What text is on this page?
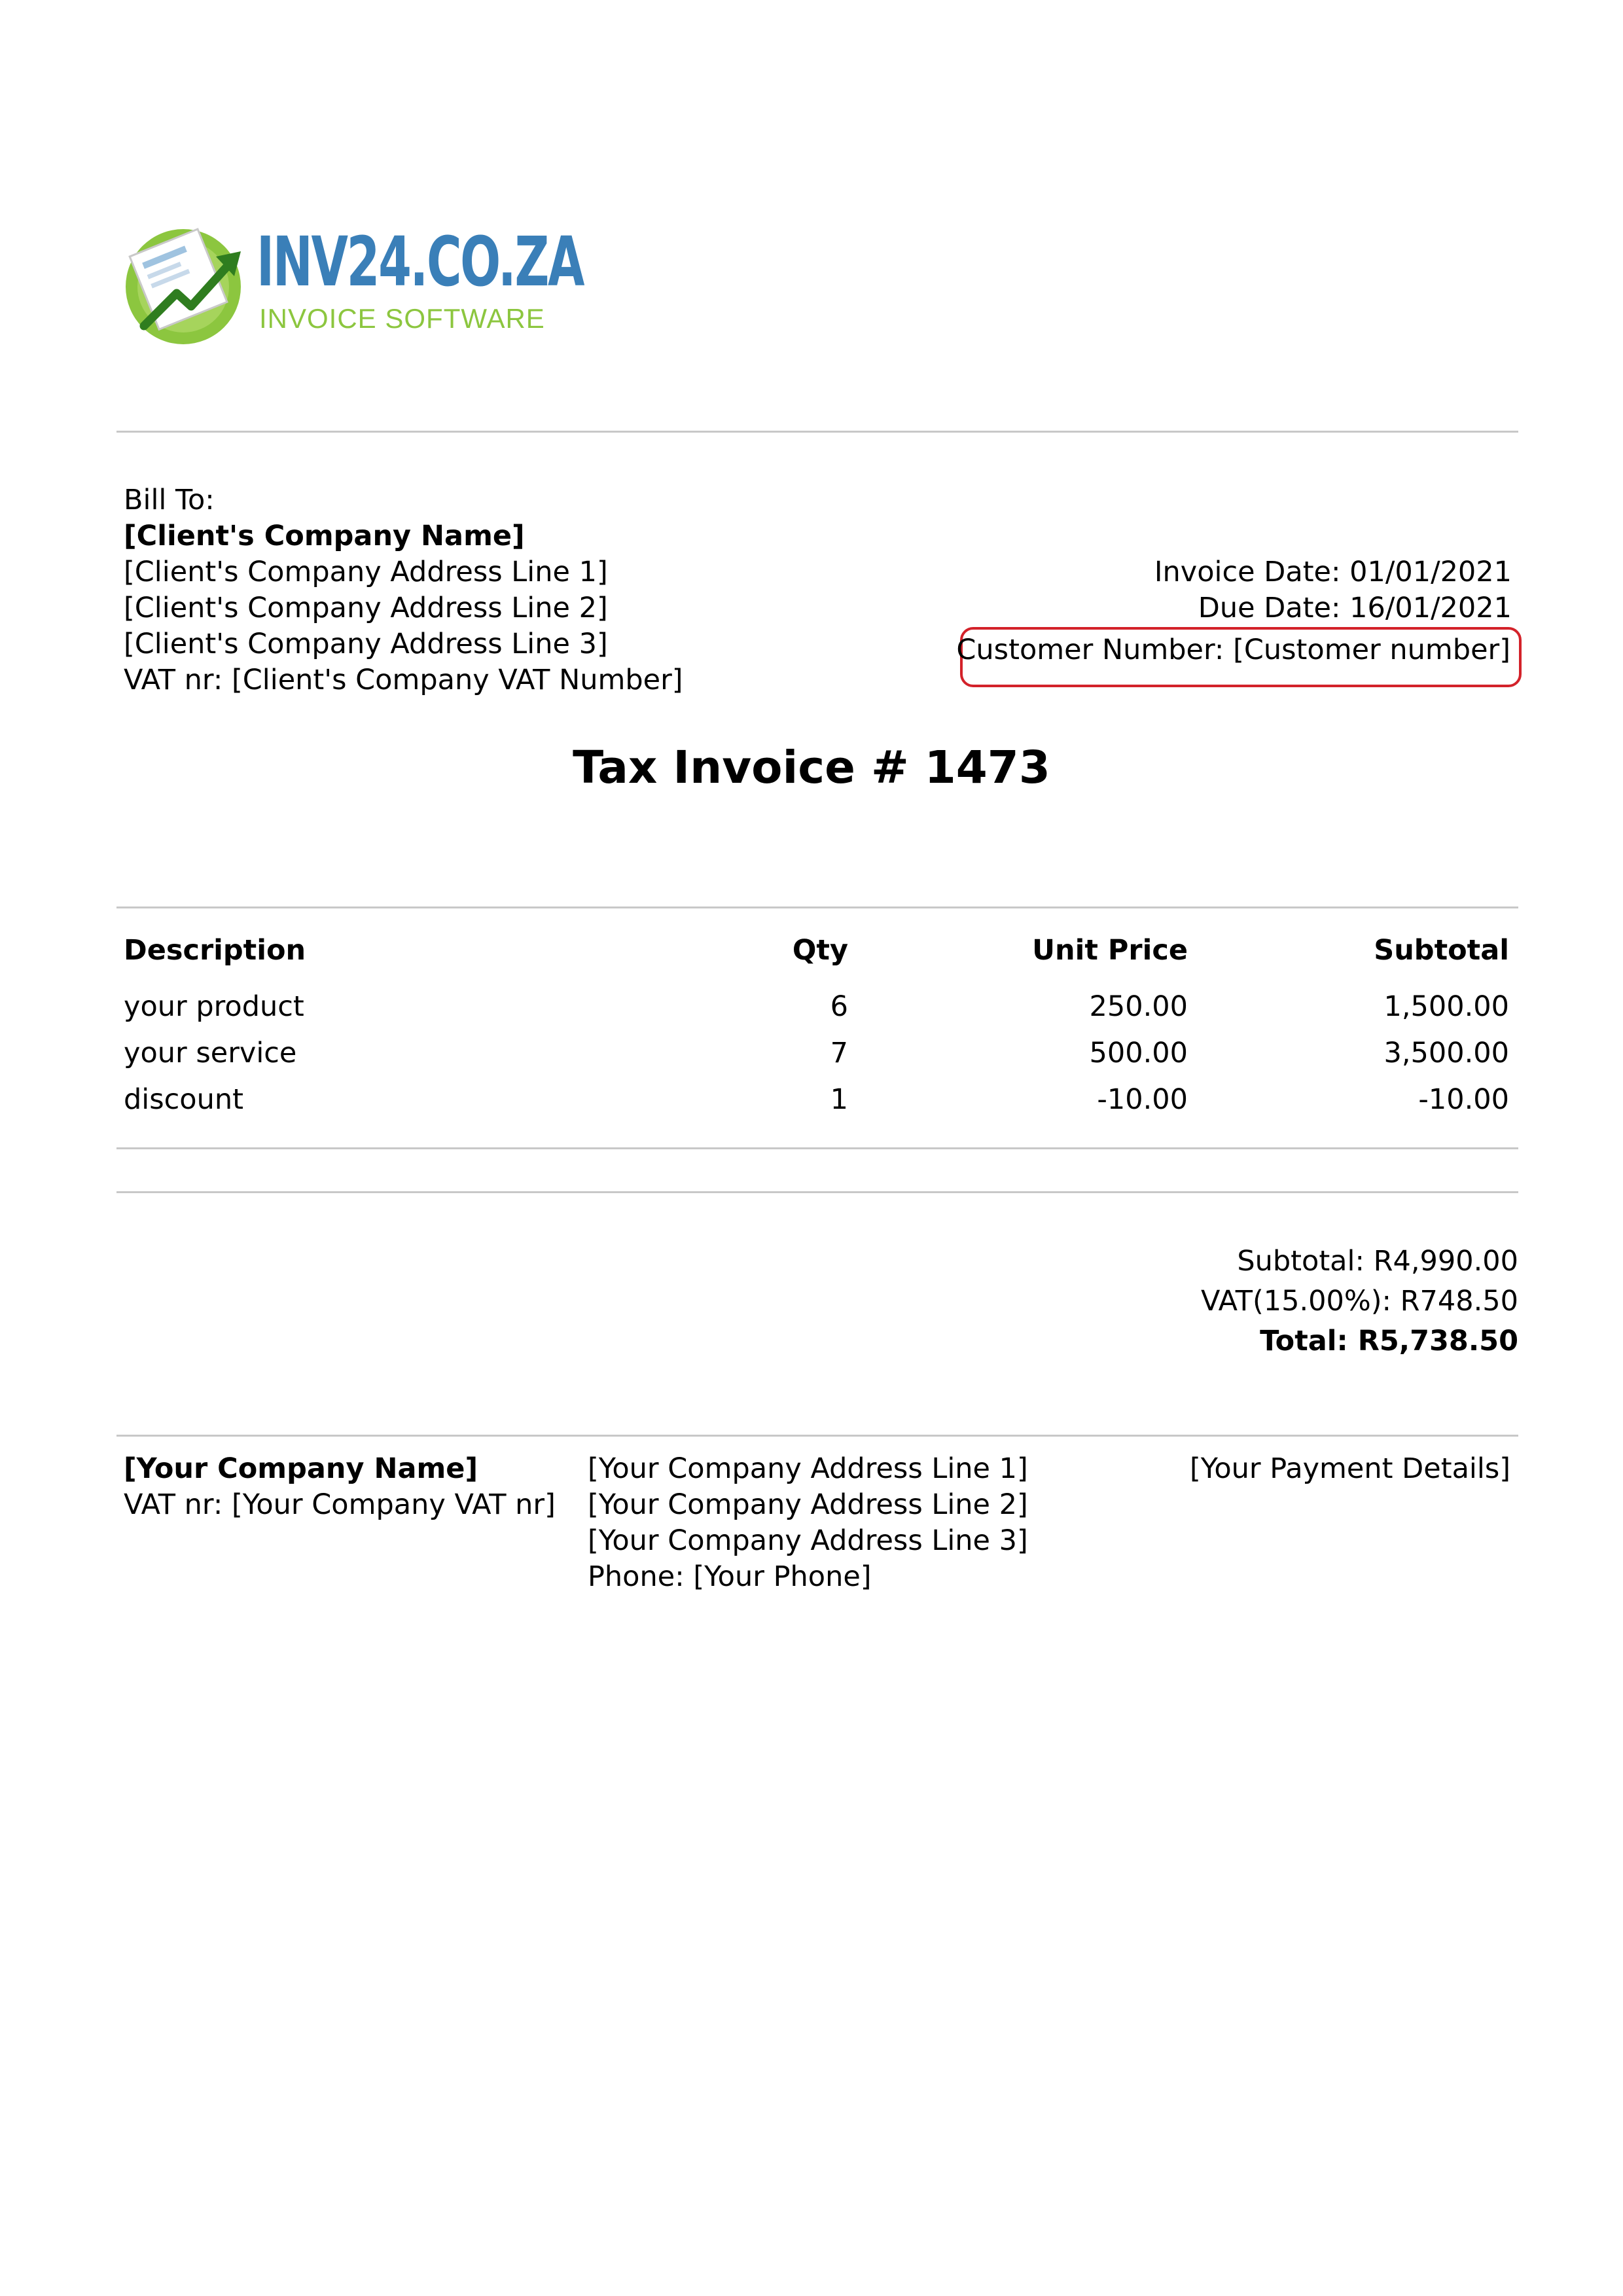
INV24.CO.ZA
INVOICE SOFTWARE
Bill To:
[Client's Company Name]
[Client's Company Address Line 1]
[Client's Company Address Line 2]
[Client's Company Address Line 3]
VAT nr: [Client's Company VAT Number]
Invoice Date: 01/01/2021
Due Date: 16/01/2021
Customer Number: [Customer number]
Tax Invoice # 1473
Description	Qty	Unit Price	Subtotal
your product	6	250.00	1,500.00
your service	7	500.00	3,500.00
discount	1	-10.00	-10.00
Subtotal: R4,990.00
VAT(15.00%): R748.50
Total: R5,738.50
[Your Company Name]
VAT nr: [Your Company VAT nr]
[Your Company Address Line 1]
[Your Company Address Line 2]
[Your Company Address Line 3]
Phone: [Your Phone]
[Your Payment Details]
